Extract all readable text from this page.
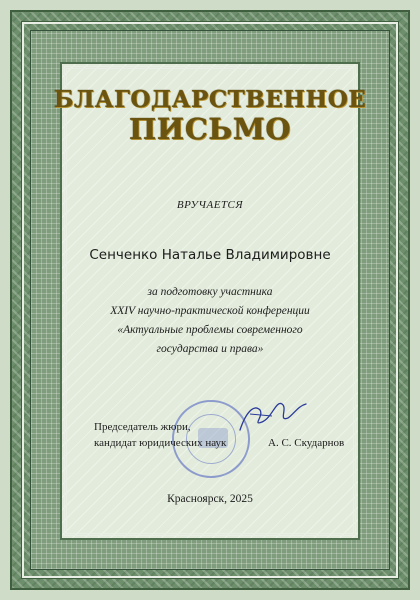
БЛАГОДАРСТВЕННОЕ
ПИСЬМО
ВРУЧАЕТСЯ
Сенченко Наталье Владимировне
за подготовку участника
XXIV научно-практической конференции
«Актуальные проблемы современного
государства и права»
Председатель жюри,
кандидат юридических наук	А. С. Скударнов
Красноярск, 2025
